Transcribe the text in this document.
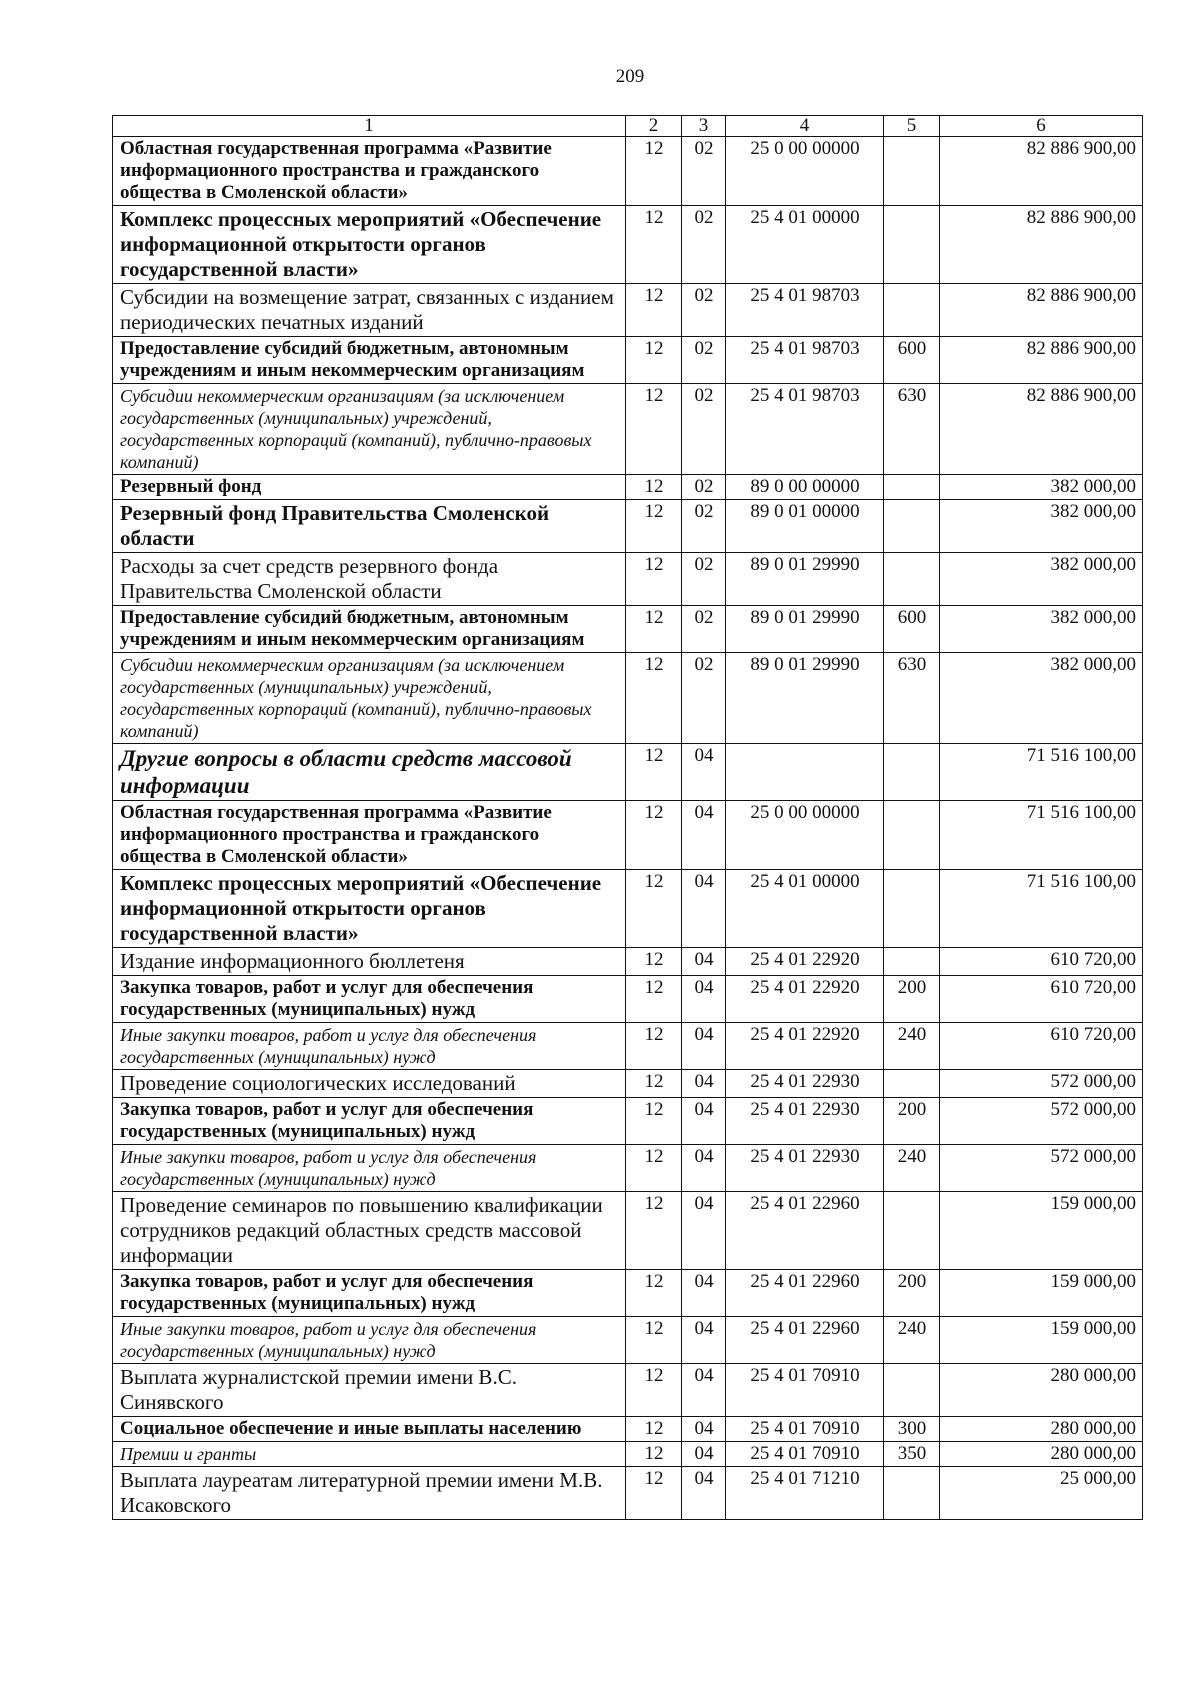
209
1	2	3	4	5	6
Областная государственная программа «Развитие информационного пространства и гражданского общества в Смоленской области»	12	02	25 0 00 00000		82 886 900,00
Комплекс процессных мероприятий «Обеспечение информационной открытости органов государственной власти»	12	02	25 4 01 00000		82 886 900,00
Субсидии на возмещение затрат, связанных с изданием периодических печатных изданий	12	02	25 4 01 98703		82 886 900,00
Предоставление субсидий бюджетным, автономным учреждениям и иным некоммерческим организациям	12	02	25 4 01 98703	600	82 886 900,00
Субсидии некоммерческим организациям (за исключением государственных (муниципальных) учреждений, государственных корпораций (компаний), публично-правовых компаний)	12	02	25 4 01 98703	630	82 886 900,00
Резервный фонд	12	02	89 0 00 00000		382 000,00
Резервный фонд Правительства Смоленской области	12	02	89 0 01 00000		382 000,00
Расходы за счет средств резервного фонда Правительства Смоленской области	12	02	89 0 01 29990		382 000,00
Предоставление субсидий бюджетным, автономным учреждениям и иным некоммерческим организациям	12	02	89 0 01 29990	600	382 000,00
Субсидии некоммерческим организациям (за исключением государственных (муниципальных) учреждений, государственных корпораций (компаний), публично-правовых компаний)	12	02	89 0 01 29990	630	382 000,00
Другие вопросы в области средств массовой информации	12	04			71 516 100,00
Областная государственная программа «Развитие информационного пространства и гражданского общества в Смоленской области»	12	04	25 0 00 00000		71 516 100,00
Комплекс процессных мероприятий «Обеспечение информационной открытости органов государственной власти»	12	04	25 4 01 00000		71 516 100,00
Издание информационного бюллетеня	12	04	25 4 01 22920		610 720,00
Закупка товаров, работ и услуг для обеспечения государственных (муниципальных) нужд	12	04	25 4 01 22920	200	610 720,00
Иные закупки товаров, работ и услуг для обеспечения государственных (муниципальных) нужд	12	04	25 4 01 22920	240	610 720,00
Проведение социологических исследований	12	04	25 4 01 22930		572 000,00
Закупка товаров, работ и услуг для обеспечения государственных (муниципальных) нужд	12	04	25 4 01 22930	200	572 000,00
Иные закупки товаров, работ и услуг для обеспечения государственных (муниципальных) нужд	12	04	25 4 01 22930	240	572 000,00
Проведение семинаров по повышению квалификации сотрудников редакций областных средств массовой информации	12	04	25 4 01 22960		159 000,00
Закупка товаров, работ и услуг для обеспечения государственных (муниципальных) нужд	12	04	25 4 01 22960	200	159 000,00
Иные закупки товаров, работ и услуг для обеспечения государственных (муниципальных) нужд	12	04	25 4 01 22960	240	159 000,00
Выплата журналистской премии имени В.С. Синявского	12	04	25 4 01 70910		280 000,00
Социальное обеспечение и иные выплаты населению	12	04	25 4 01 70910	300	280 000,00
Премии и гранты	12	04	25 4 01 70910	350	280 000,00
Выплата лауреатам литературной премии имени М.В. Исаковского	12	04	25 4 01 71210		25 000,00
